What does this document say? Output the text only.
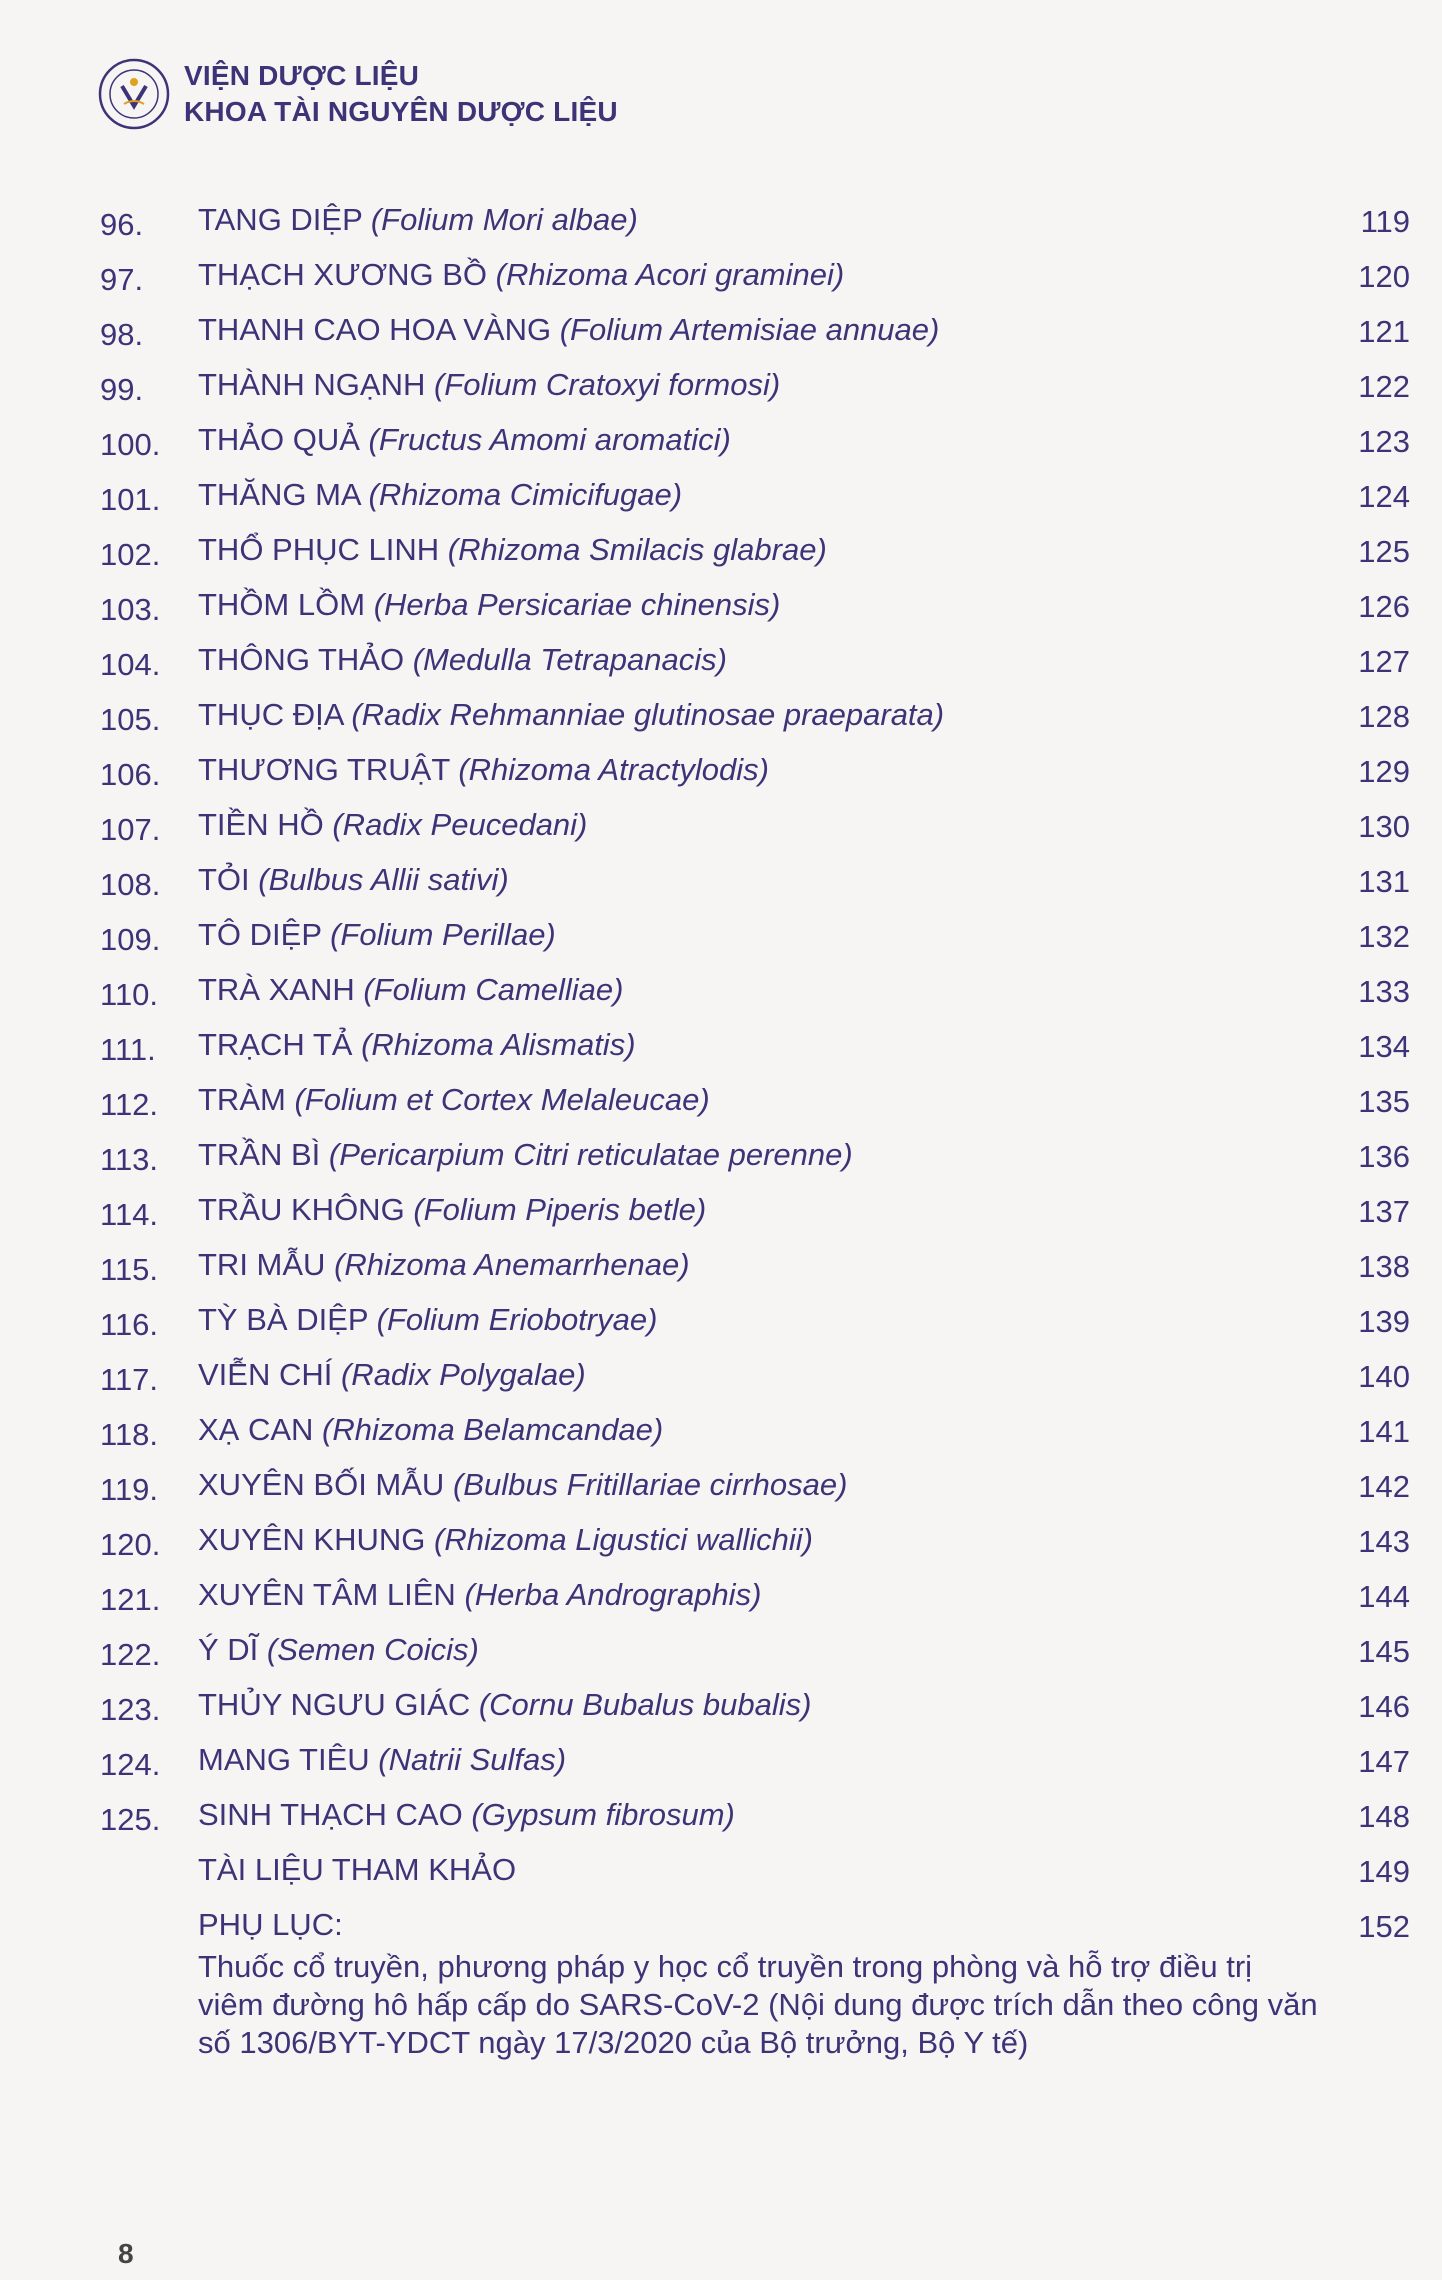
VIỆN DƯỢC LIỆU
KHOA TÀI NGUYÊN DƯỢC LIỆU
96. TANG DIỆP (Folium Mori albae)	119
97. THẠCH XƯƠNG BỒ (Rhizoma Acori graminei)	120
98. THANH CAO HOA VÀNG (Folium Artemisiae annuae)	121
99. THÀNH NGẠNH (Folium Cratoxyi formosi)	122
100. THẢO QUẢ (Fructus Amomi aromatici)	123
101. THĂNG MA (Rhizoma Cimicifugae)	124
102. THỔ PHỤC LINH (Rhizoma Smilacis glabrae)	125
103. THỒM LỒM (Herba Persicariae chinensis)	126
104. THÔNG THẢO (Medulla Tetrapanacis)	127
105. THỤC ĐỊA (Radix Rehmanniae glutinosae praeparata)	128
106. THƯƠNG TRUẬT (Rhizoma Atractylodis)	129
107. TIỀN HỒ (Radix Peucedani)	130
108. TỎI (Bulbus Allii sativi)	131
109. TÔ DIỆP (Folium Perillae)	132
110. TRÀ XANH (Folium Camelliae)	133
111. TRẠCH TẢ (Rhizoma Alismatis)	134
112. TRÀM (Folium et Cortex Melaleucae)	135
113. TRẦN BÌ (Pericarpium Citri reticulatae perenne)	136
114. TRẦU KHÔNG (Folium Piperis betle)	137
115. TRI MẪU (Rhizoma Anemarrhenae)	138
116. TỲ BÀ DIỆP (Folium Eriobotryae)	139
117. VIỄN CHÍ (Radix Polygalae)	140
118. XẠ CAN (Rhizoma Belamcandae)	141
119. XUYÊN BỐI MẪU (Bulbus Fritillariae cirrhosae)	142
120. XUYÊN KHUNG (Rhizoma Ligustici wallichii)	143
121. XUYÊN TÂM LIÊN (Herba Andrographis)	144
122. Ý DĨ (Semen Coicis)	145
123. THỦY NGƯU GIÁC (Cornu Bubalus bubalis)	146
124. MANG TIÊU (Natrii Sulfas)	147
125. SINH THẠCH CAO (Gypsum fibrosum)	148
TÀI LIỆU THAM KHẢO	149
PHỤ LỤC:	152
Thuốc cổ truyền, phương pháp y học cổ truyền trong phòng và hỗ trợ điều trị
viêm đường hô hấp cấp do SARS-CoV-2 (Nội dung được trích dẫn theo công văn
số 1306/BYT-YDCT ngày 17/3/2020 của Bộ trưởng, Bộ Y tế)
8
